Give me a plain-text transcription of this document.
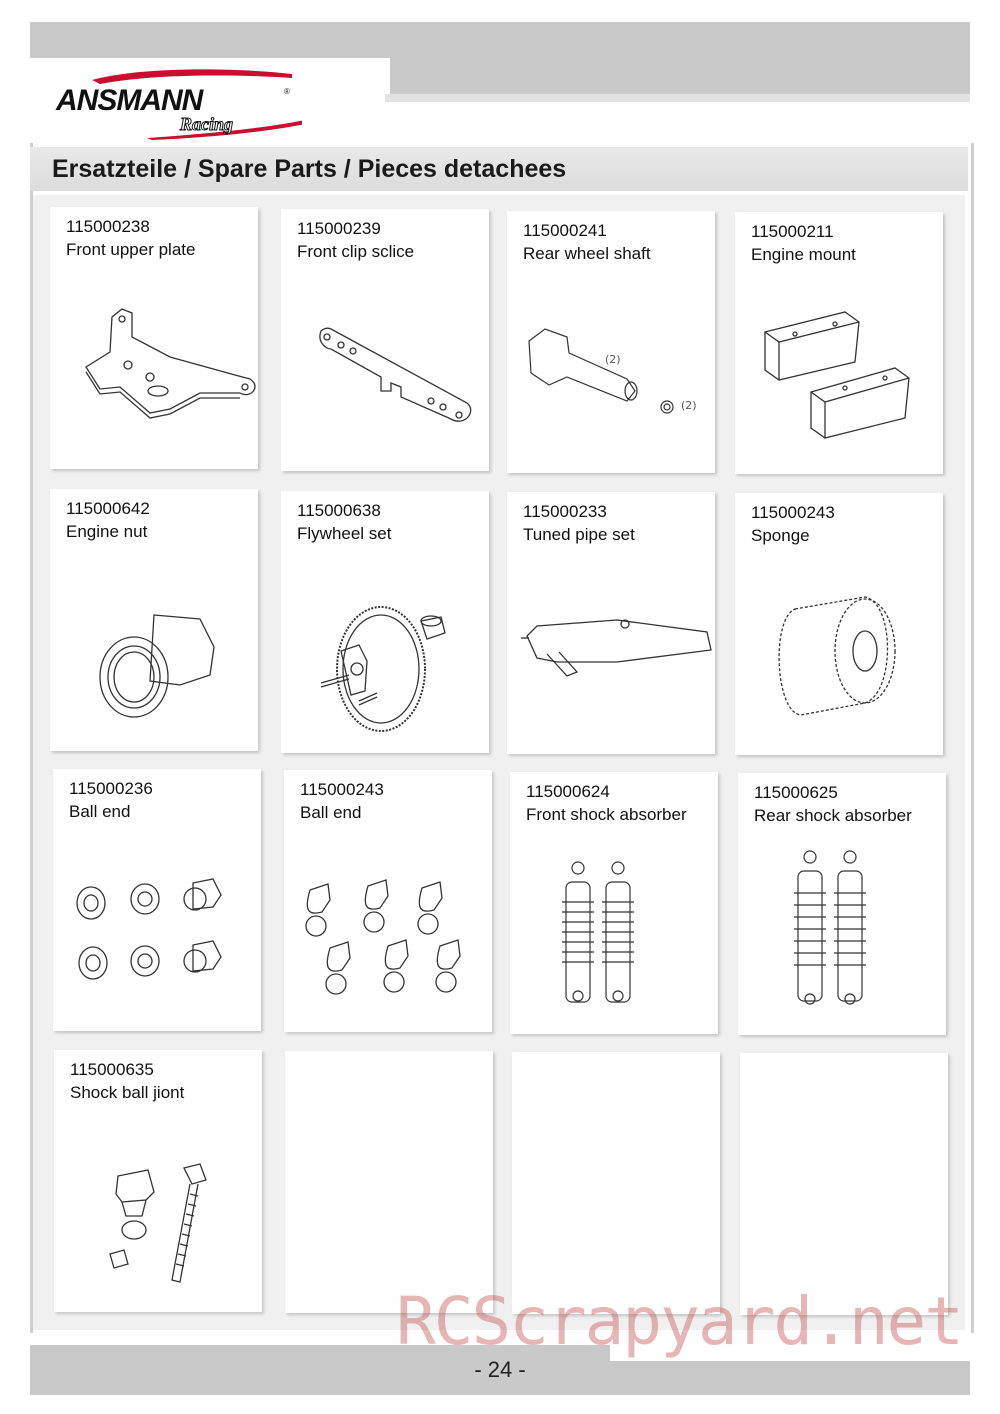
ANSMANN	®
Racing
Ersatzteile / Spare Parts / Pieces detachees
115000238
Front upper plate
115000239
Front clip sclice
115000241
Rear wheel shaft
(2)
(2)
115000211
Engine mount
115000642
Engine nut
115000638
Flywheel set
115000233
Tuned pipe set
115000243
Sponge
115000236
Ball end
115000243
Ball end
115000624
Front shock absorber
115000625
Rear shock absorber
115000635
Shock ball jiont
- 24 -
RCScrapyard.net
